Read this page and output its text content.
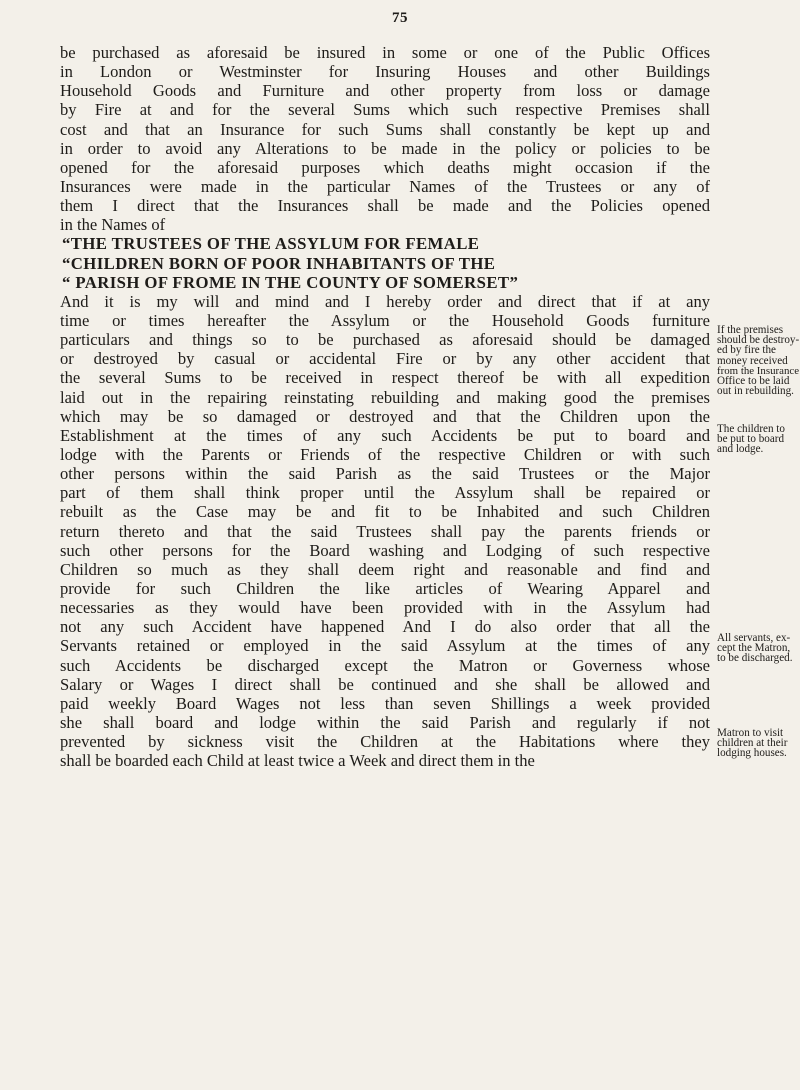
75
be purchased as aforesaid be insured in some or one of the Public Offices
in London or Westminster for Insuring Houses and other Buildings
Household Goods and Furniture and other property from loss or damage
by Fire at and for the several Sums which such respective Premises shall
cost and that an Insurance for such Sums shall constantly be kept up and
in order to avoid any Alterations to be made in the policy or policies to be
opened for the aforesaid purposes which deaths might occasion if the
Insurances were made in the particular Names of the Trustees or any of
them I direct that the Insurances shall be made and the Policies opened
in the Names of
“THE TRUSTEES OF THE ASSYLUM FOR FEMALE
“CHILDREN BORN OF POOR INHABITANTS OF THE
“ PARISH OF FROME IN THE COUNTY OF SOMERSET”
And it is my will and mind and I hereby order and direct that if at any
time or times hereafter the Assylum or the Household Goods furniture
particulars and things so to be purchased as aforesaid should be damaged
or destroyed by casual or accidental Fire or by any other accident that
the several Sums to be received in respect thereof be with all expedition
laid out in the repairing reinstating rebuilding and making good the premises
which may be so damaged or destroyed and that the Children upon the
Establishment at the times of any such Accidents be put to board and
lodge with the Parents or Friends of the respective Children or with such
other persons within the said Parish as the said Trustees or the Major
part of them shall think proper until the Assylum shall be repaired or
rebuilt as the Case may be and fit to be Inhabited and such Children
return thereto and that the said Trustees shall pay the parents friends or
such other persons for the Board washing and Lodging of such respective
Children so much as they shall deem right and reasonable and find and
provide for such Children the like articles of Wearing Apparel and
necessaries as they would have been provided with in the Assylum had
not any such Accident have happened And I do also order that all the
Servants retained or employed in the said Assylum at the times of any
such Accidents be discharged except the Matron or Governess whose
Salary or Wages I direct shall be continued and she shall be allowed and
paid weekly Board Wages not less than seven Shillings a week provided
she shall board and lodge within the said Parish and regularly if not
prevented by sickness visit the Children at the Habitations where they
shall be boarded each Child at least twice a Week and direct them in the
If the premises
should be destroy-
ed by fire the
money received
from the Insurance
Office to be laid
out in rebuilding.
The children to
be put to board
and lodge.
All servants, ex-
cept the Matron,
to be discharged.
Matron to visit
children at their
lodging houses.
